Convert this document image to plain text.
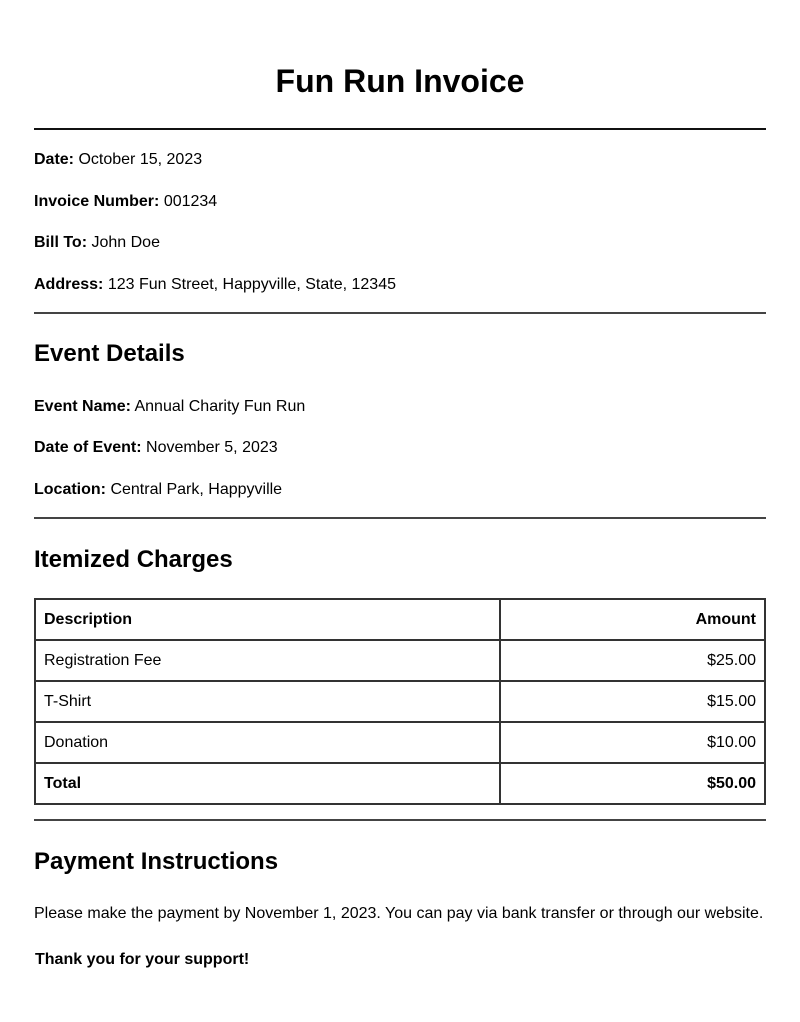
Fun Run Invoice
Date: October 15, 2023
Invoice Number: 001234
Bill To: John Doe
Address: 123 Fun Street, Happyville, State, 12345
Event Details
Event Name: Annual Charity Fun Run
Date of Event: November 5, 2023
Location: Central Park, Happyville
Itemized Charges
Description	Amount
Registration Fee	$25.00
T-Shirt	$15.00
Donation	$10.00
Total	$50.00
Payment Instructions
Please make the payment by November 1, 2023. You can pay via bank transfer or through our website.
Thank you for your support!
